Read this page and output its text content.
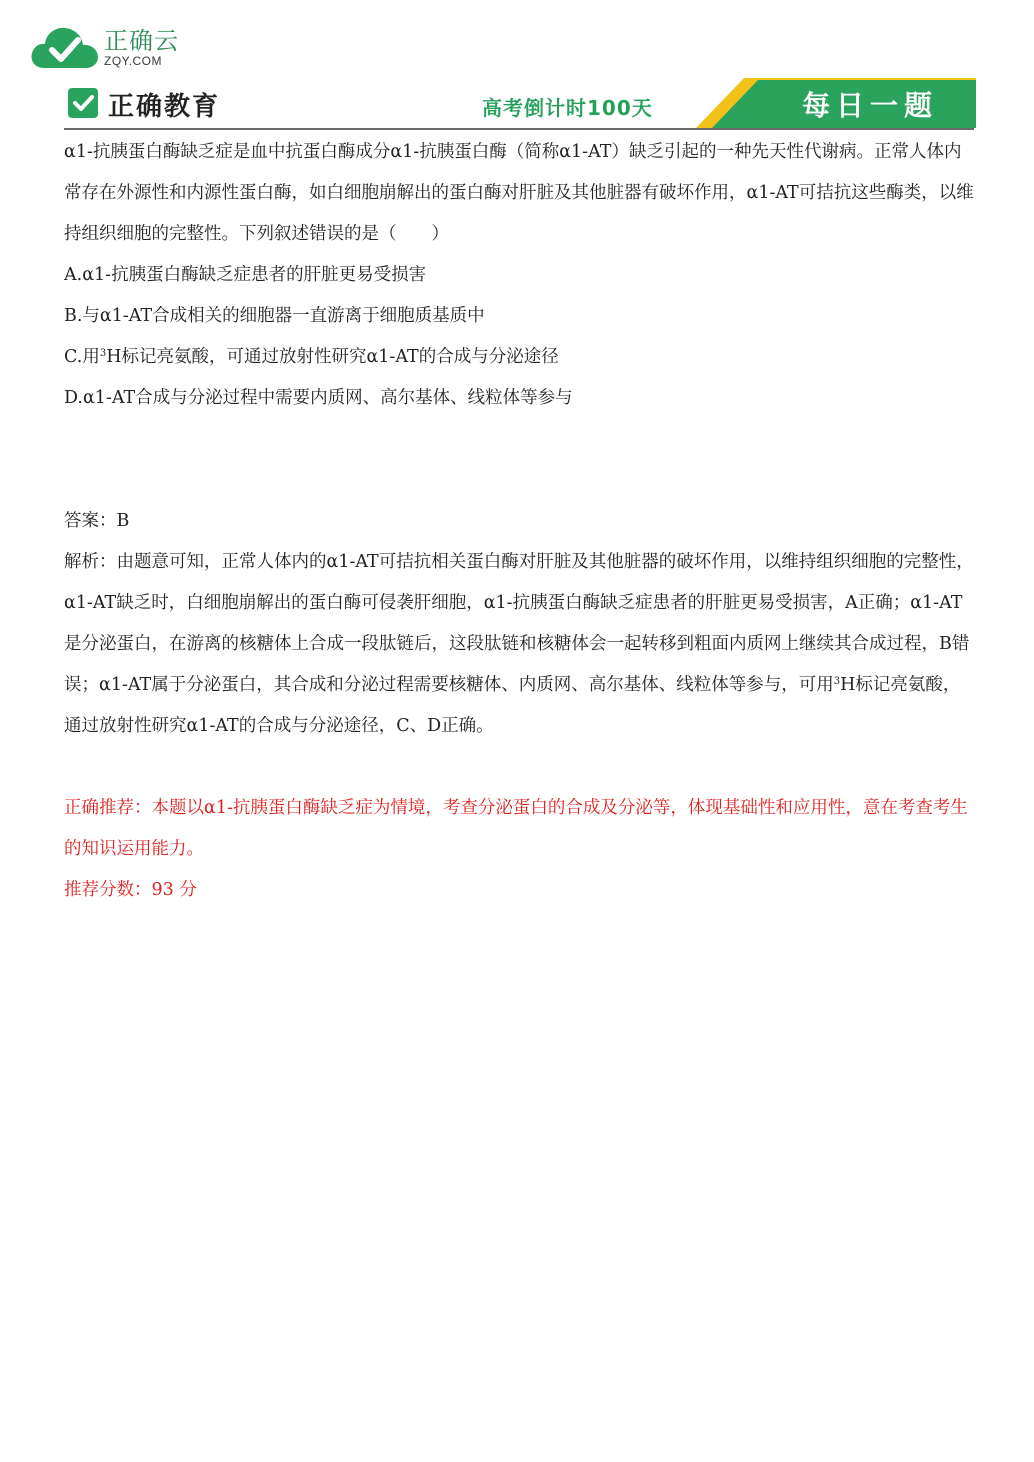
正确云
ZQY.COM
正确教育	高考倒计时100天	每日一题

α1-抗胰蛋白酶缺乏症是血中抗蛋白酶成分α1-抗胰蛋白酶（简称α1-AT）缺乏引起的一种先天性代谢病。正常人体内常存在外源性和内源性蛋白酶，如白细胞崩解出的蛋白酶对肝脏及其他脏器有破坏作用，α1-AT可拮抗这些酶类，以维持组织细胞的完整性。下列叙述错误的是（　　）

A.α1-抗胰蛋白酶缺乏症患者的肝脏更易受损害

B.与α1-AT合成相关的细胞器一直游离于细胞质基质中

C.用$^3$H标记亮氨酸，可通过放射性研究α1-AT的合成与分泌途径

D.α1-AT合成与分泌过程中需要内质网、高尔基体、线粒体等参与

答案：B

解析：由题意可知，正常人体内的α1-AT可拮抗相关蛋白酶对肝脏及其他脏器的破坏作用，以维持组织细胞的完整性，α1-AT缺乏时，白细胞崩解出的蛋白酶可侵袭肝细胞，α1-抗胰蛋白酶缺乏症患者的肝脏更易受损害，A正确；α1-AT是分泌蛋白，在游离的核糖体上合成一段肽链后，这段肽链和核糖体会一起转移到粗面内质网上继续其合成过程，B错误；α1-AT属于分泌蛋白，其合成和分泌过程需要核糖体、内质网、高尔基体、线粒体等参与，可用$^3$H标记亮氨酸，通过放射性研究α1-AT的合成与分泌途径，C、D正确。

正确推荐：本题以α1-抗胰蛋白酶缺乏症为情境，考查分泌蛋白的合成及分泌等，体现基础性和应用性，意在考查考生的知识运用能力。

推荐分数：93 分
